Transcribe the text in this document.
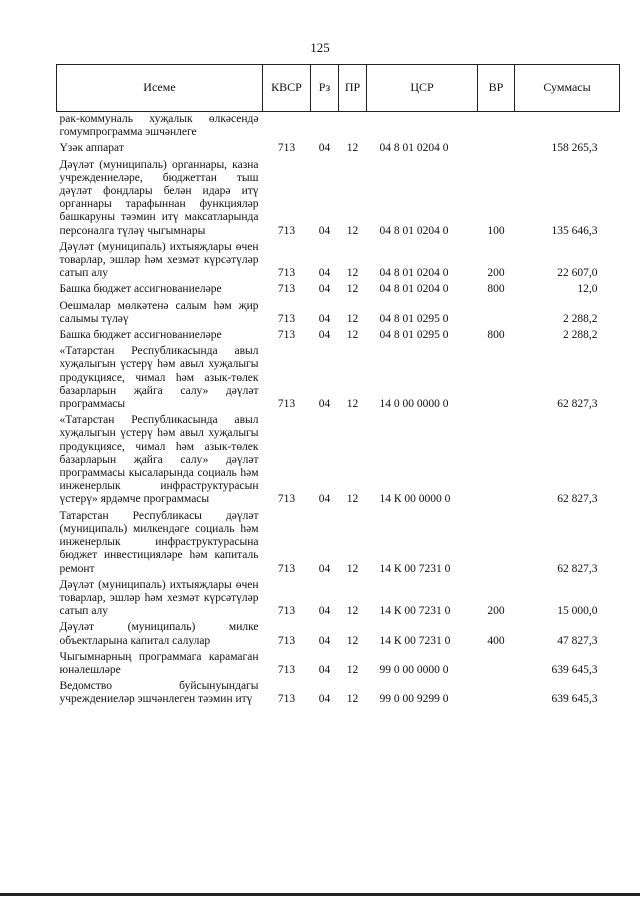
125
Исеме	КВСР	Рз	ПР	ЦСР	ВР	Суммасы
рак-коммуналь хуҗалык өлкәсендә гомумпрограмма эшчәнлеге						
Үзәк аппарат	713	04	12	04 8 01 0204 0		158 265,3
Дәүләт (муниципаль) органнары, казна учреждениеләре, бюджеттан тыш дәүләт фондлары белән идарә итү органнары тарафыннан функцияләр башкаруны тәэмин итү максатларында персоналга түләү чыгымнары	713	04	12	04 8 01 0204 0	100	135 646,3
Дәүләт (муниципаль) ихтыяҗлары өчен товарлар, эшләр һәм хезмәт күрсәтүләр сатып алу	713	04	12	04 8 01 0204 0	200	22 607,0
Башка бюджет ассигнованиеләре	713	04	12	04 8 01 0204 0	800	12,0
Оешмалар мөлкәтенә салым һәм җир салымы түләү	713	04	12	04 8 01 0295 0		2 288,2
Башка бюджет ассигнованиеләре	713	04	12	04 8 01 0295 0	800	2 288,2
«Татарстан Республикасында авыл хуҗалыгын үстерү һәм авыл хуҗалыгы продукциясе, чимал һәм азык-төлек базарларын җайга салу» дәүләт программасы	713	04	12	14 0 00 0000 0		62 827,3
«Татарстан Республикасында авыл хуҗалыгын үстерү һәм авыл хуҗалыгы продукциясе, чимал һәм азык-төлек базарларын җайга салу» дәүләт программасы кысаларында социаль һәм инженерлык инфраструктурасын үстерү» ярдәмче программасы	713	04	12	14 К 00 0000 0		62 827,3
Татарстан Республикасы дәүләт (муниципаль) милкендәге социаль һәм инженерлык инфраструктурасына бюджет инвестицияләре һәм капиталь ремонт	713	04	12	14 К 00 7231 0		62 827,3
Дәүләт (муниципаль) ихтыяҗлары өчен товарлар, эшләр һәм хезмәт күрсәтүләр сатып алу	713	04	12	14 К 00 7231 0	200	15 000,0
Дәүләт (муниципаль) милке объектларына капитал салулар	713	04	12	14 К 00 7231 0	400	47 827,3
Чыгымнарның программага карамаган юнәлешләре	713	04	12	99 0 00 0000 0		639 645,3
Ведомство буйсынуындагы учреждениеләр эшчәнлеген тәэмин итү	713	04	12	99 0 00 9299 0		639 645,3
